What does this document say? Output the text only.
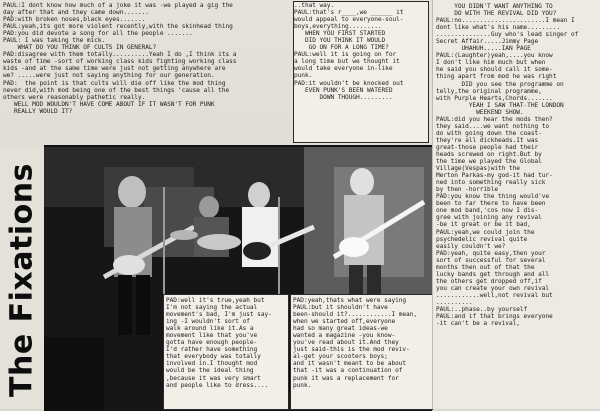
PAUL:I dont know how much of a joke it was -we played a gig the
day after that and they came down.......
PAD:with broken noses,black eyes.......
PAUL:yeah,its got more violent recently,with the skinhead thing
PAD:you did devote a song for all the people .......
PAUL: I was taking the mick.
WHAT DO YOU THINK OF CULTS IN GENERAL?
PAD:disagree with them totally..........Yeah I do ,I think its a
waste of time -sort of working class kids fighting working class
kids -and at the same time were just not getting anywhere are
we? .....were just not saying anything for our generation.
PAD:  the point is that cults will die off like the mod thing
never did,with mod being one of the best things 'cause all the
others were reasonably pathetic really.
WELL MOD WOULDN'T HAVE COME ABOUT IF IT WASN'T FOR PUNK
REALLY WOULD IT?
..that way.
PAUL:that's r____,we ______ it
would appeal to everyone-soul-
boys,everything.........
WHEN YOU FIRST STARTED
DID YOU THINK IT WOULD
GO ON FOR A LONG TIME?
PAUL:well it is going on for
a long time but we thought it
would take everyone in-like
punk.
PAD:it wouldn't be knocked out
EVEN PUNK'S BEEN WATERED
DOWN THOUGH.........
The Fixations	PAD:well it's true,yeah but
I'm not saying the actual
movement's bad, I'm just say-
ing -I wouldn't sort of
walk around like it.As a
movement like that you've
gotta have enough people-
I'd rather have something
that everybody was totally
involved in.I thought mod
would be the ideal thing
,because it was very smart
and people like to dress....
PAD:yeah,thats what were saying
PAUL:but it shouldn't have
been-should it?............I mean,
when we started off,everyone
had so many great ideas-we
wanted a magazine -you know-
you've read about it.And they
just said-this is the mod reviv-
al-get your scooters boys;
and it wasn't meant to be about
that -it was a continuation of
punk it was a replacement for
punk.
YOU DIDN'T WANT ANYTHING TO
DO WITH THE REVIVAL DID YOU?
PAUL:no.......................I mean I
dont like what's his name.........
...............Guy who's lead singer of
Secret Affair.....Jimmy Page
UHAHUH.....IAN PAGE
PAUL:(Laughter)yeah,....you know
I don't like him much but when
he said you should call it some-
thing apart from mod he was right
DID you see the programme on
telly,the original programme,
with Purple Hearts,Chords.......
YEAH I SAW THAT-THE LONDON
WEEKEND SHOW.
PAUL:did you hear the mods then?
they said....we want nothing to
do with going down the coast-
they're all dickheads.It was
great-those people had their
heads screwed on right.But by
the time we played the Global
Village(Vespas)with the
Merton Parkas-my god-it had tur-
ned into something really sick
by then -horrible
PAD:you know the thing would've
been to far there to have been
one mod band,'cos now I dis-
gree with joining any revival
-be it great or be it bad,
PAUL:yeah,we could join the
psychedelic revival quite
easily couldn't we?
PAD:yeah, quite easy,then your
sort of successful for several
months then out of that the
lucky bands get through and all
the others get dropped off,if
you can create your own revival
............well,not revival but
..........
PAUL:..phase..by yourself
PAUL:and if that brings everyone
-it can't be a revival,
